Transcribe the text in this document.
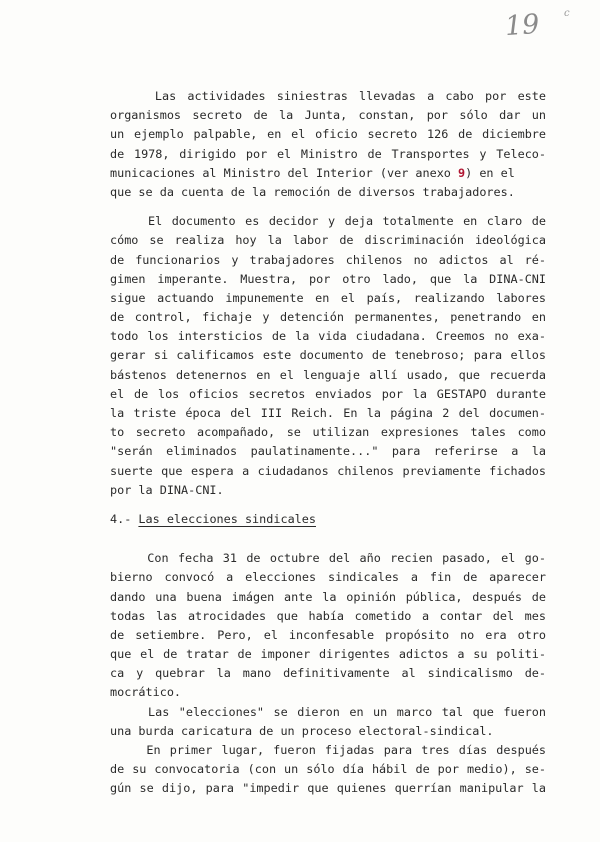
19 c
Las actividades siniestras llevadas a cabo por este
organismos secreto de la Junta, constan, por sólo dar un
un ejemplo palpable, en el oficio secreto 126 de diciembre
de 1978, dirigido por el Ministro de Transportes y Teleco-
municaciones al Ministro del Interior (ver anexo 9) en el
que se da cuenta de la remoción de diversos trabajadores.
El documento es decidor y deja totalmente en claro de
cómo se realiza hoy la labor de discriminación ideológica
de funcionarios y trabajadores chilenos no adictos al ré-
gimen imperante. Muestra, por otro lado, que la DINA-CNI
sigue actuando impunemente en el país, realizando labores
de control, fichaje y detención permanentes, penetrando en
todo los intersticios de la vida ciudadana. Creemos no exa-
gerar si calificamos este documento de tenebroso; para ellos
bástenos detenernos en el lenguaje allí usado, que recuerda
el de los oficios secretos enviados por la GESTAPO durante
la triste época del III Reich. En la página 2 del documen-
to secreto acompañado, se utilizan expresiones tales como
"serán eliminados paulatinamente..." para referirse a la
suerte que espera a ciudadanos chilenos previamente fichados
por la DINA-CNI.
4.- Las elecciones sindicales
Con fecha 31 de octubre del año recien pasado, el go-
bierno convocó a elecciones sindicales a fin de aparecer
dando una buena imágen ante la opinión pública, después de
todas las atrocidades que había cometido a contar del mes
de setiembre. Pero, el inconfesable propósito no era otro
que el de tratar de imponer dirigentes adictos a su politi-
ca y quebrar la mano definitivamente al sindicalismo de-
mocrático.
Las "elecciones" se dieron en un marco tal que fueron
una burda caricatura de un proceso electoral-sindical.
En primer lugar, fueron fijadas para tres días después
de su convocatoria (con un sólo día hábil de por medio), se-
gún se dijo, para "impedir que quienes querrían manipular la
